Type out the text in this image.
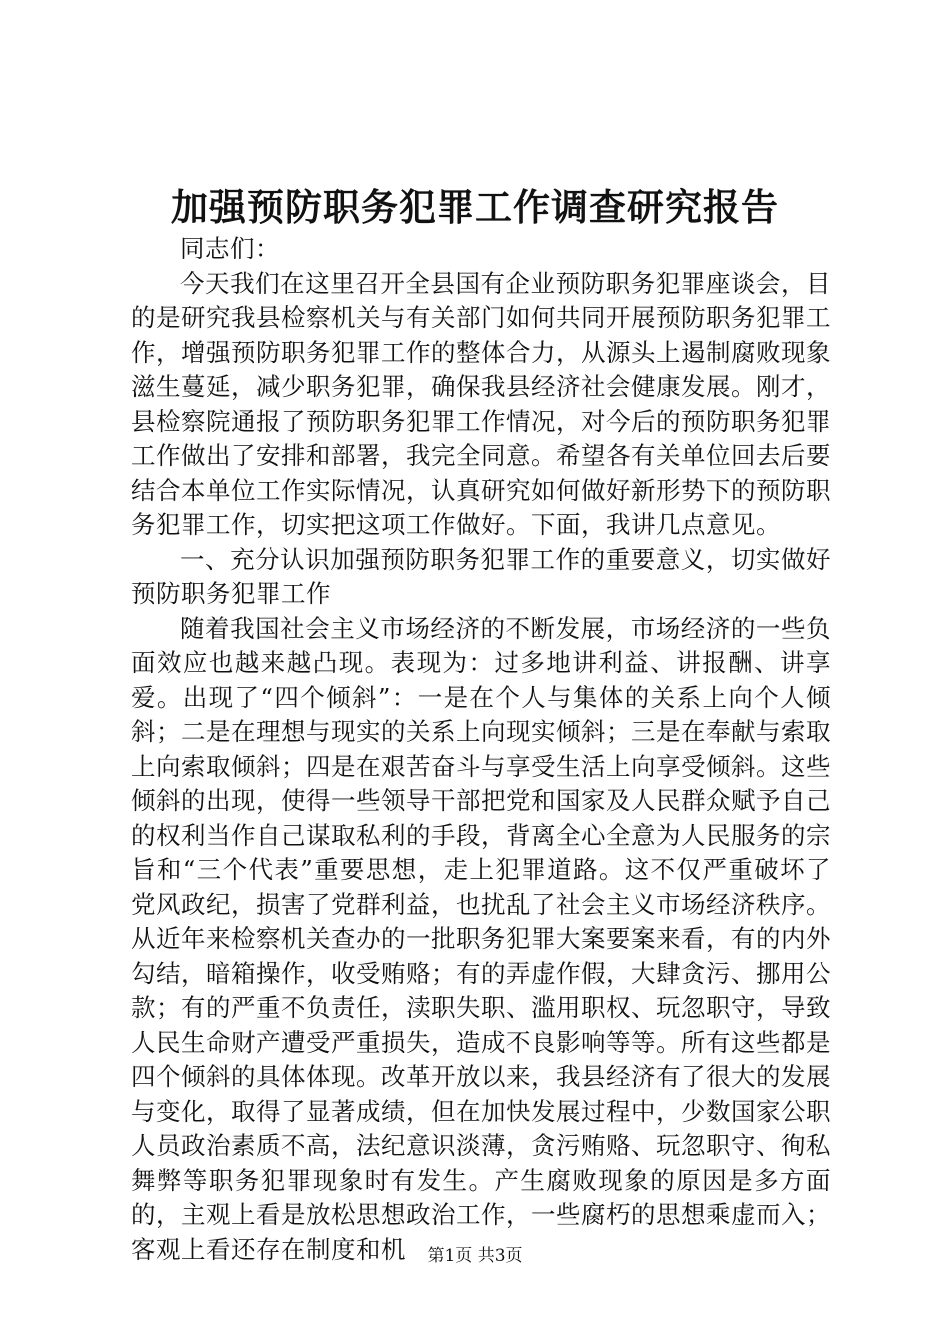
加强预防职务犯罪工作调查研究报告

同志们：

今天我们在这里召开全县国有企业预防职务犯罪座谈会，目的是研究我县检察机关与有关部门如何共同开展预防职务犯罪工作，增强预防职务犯罪工作的整体合力，从源头上遏制腐败现象滋生蔓延，减少职务犯罪，确保我县经济社会健康发展。刚才，县检察院通报了预防职务犯罪工作情况，对今后的预防职务犯罪工作做出了安排和部署，我完全同意。希望各有关单位回去后要结合本单位工作实际情况，认真研究如何做好新形势下的预防职务犯罪工作，切实把这项工作做好。下面，我讲几点意见。

一、充分认识加强预防职务犯罪工作的重要意义，切实做好预防职务犯罪工作

随着我国社会主义市场经济的不断发展，市场经济的一些负面效应也越来越凸现。表现为：过多地讲利益、讲报酬、讲享爱。出现了“四个倾斜”：一是在个人与集体的关系上向个人倾斜；二是在理想与现实的关系上向现实倾斜；三是在奉献与索取上向索取倾斜；四是在艰苦奋斗与享受生活上向享受倾斜。这些倾斜的出现，使得一些领导干部把党和国家及人民群众赋予自己的权利当作自己谋取私利的手段，背离全心全意为人民服务的宗旨和“三个代表”重要思想，走上犯罪道路。这不仅严重破坏了党风政纪，损害了党群利益，也扰乱了社会主义市场经济秩序。从近年来检察机关查办的一批职务犯罪大案要案来看，有的内外勾结，暗箱操作，收受贿赂；有的弄虚作假，大肆贪污、挪用公款；有的严重不负责任，渎职失职、滥用职权、玩忽职守，导致人民生命财产遭受严重损失，造成不良影响等等。所有这些都是四个倾斜的具体体现。改革开放以来，我县经济有了很大的发展与变化，取得了显著成绩，但在加快发展过程中，少数国家公职人员政治素质不高，法纪意识淡薄，贪污贿赂、玩忽职守、徇私舞弊等职务犯罪现象时有发生。产生腐败现象的原因是多方面的，主观上看是放松思想政治工作，一些腐朽的思想乘虚而入；客观上看还存在制度和机	第1页 共3页
